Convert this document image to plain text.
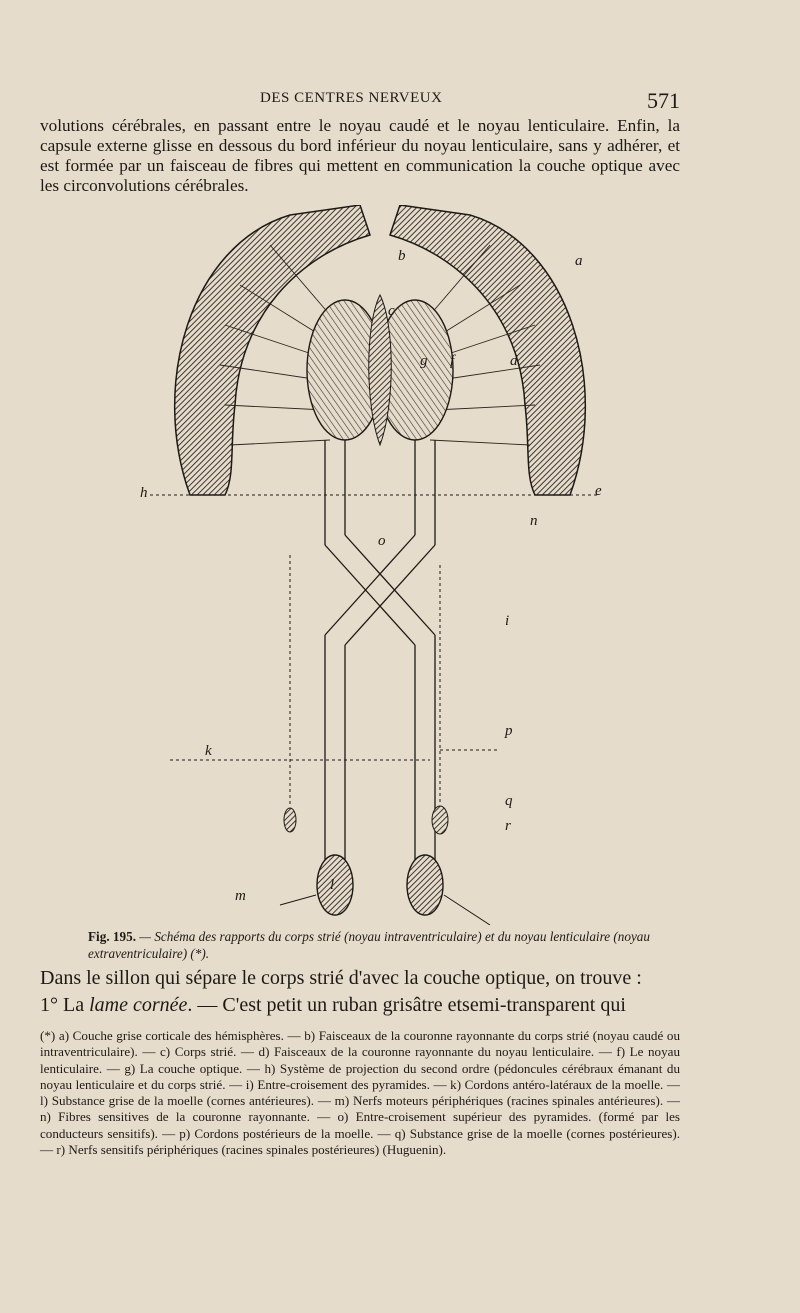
DES CENTRES NERVEUX	571

volutions cérébrales, en passant entre le noyau caudé et le noyau lenticulaire. Enfin, la capsule externe glisse en dessous du bord inférieur du noyau lenticulaire, sans y adhérer, et est formée par un faisceau de fibres qui mettent en communication la couche optique avec les circonvolutions cérébrales.

a
b
c
d
e
f
g
h
i
k
l
m
n
o
p
q
r
Fig. 195. — Schéma des rapports du corps strié (noyau intraventriculaire) et du noyau lenticulaire (noyau extraventriculaire) (*).
Dans le sillon qui sépare le corps strié d'avec la couche optique, on trouve :
1° La lame cornée. — C'est petit un ruban grisâtre etsemi-transparent qui

(*) a) Couche grise corticale des hémisphères. — b) Faisceaux de la couronne rayonnante du corps strié (noyau caudé ou intraventriculaire). — c) Corps strié. — d) Faisceaux de la couronne rayonnante du noyau lenticulaire. — f) Le noyau lenticulaire. — g) La couche optique. — h) Système de projection du second ordre (pédoncules cérébraux émanant du noyau lenticulaire et du corps strié. — i) Entre-croisement des pyramides. — k) Cordons antéro-latéraux de la moelle. — l) Substance grise de la moelle (cornes antérieures). — m) Nerfs moteurs périphériques (racines spinales antérieures). — n) Fibres sensitives de la couronne rayonnante. — o) Entre-croisement supérieur des pyramides. (formé par les conducteurs sensitifs). — p) Cordons postérieurs de la moelle. — q) Substance grise de la moelle (cornes postérieures). — r) Nerfs sensitifs périphériques (racines spinales postérieures) (Huguenin).
